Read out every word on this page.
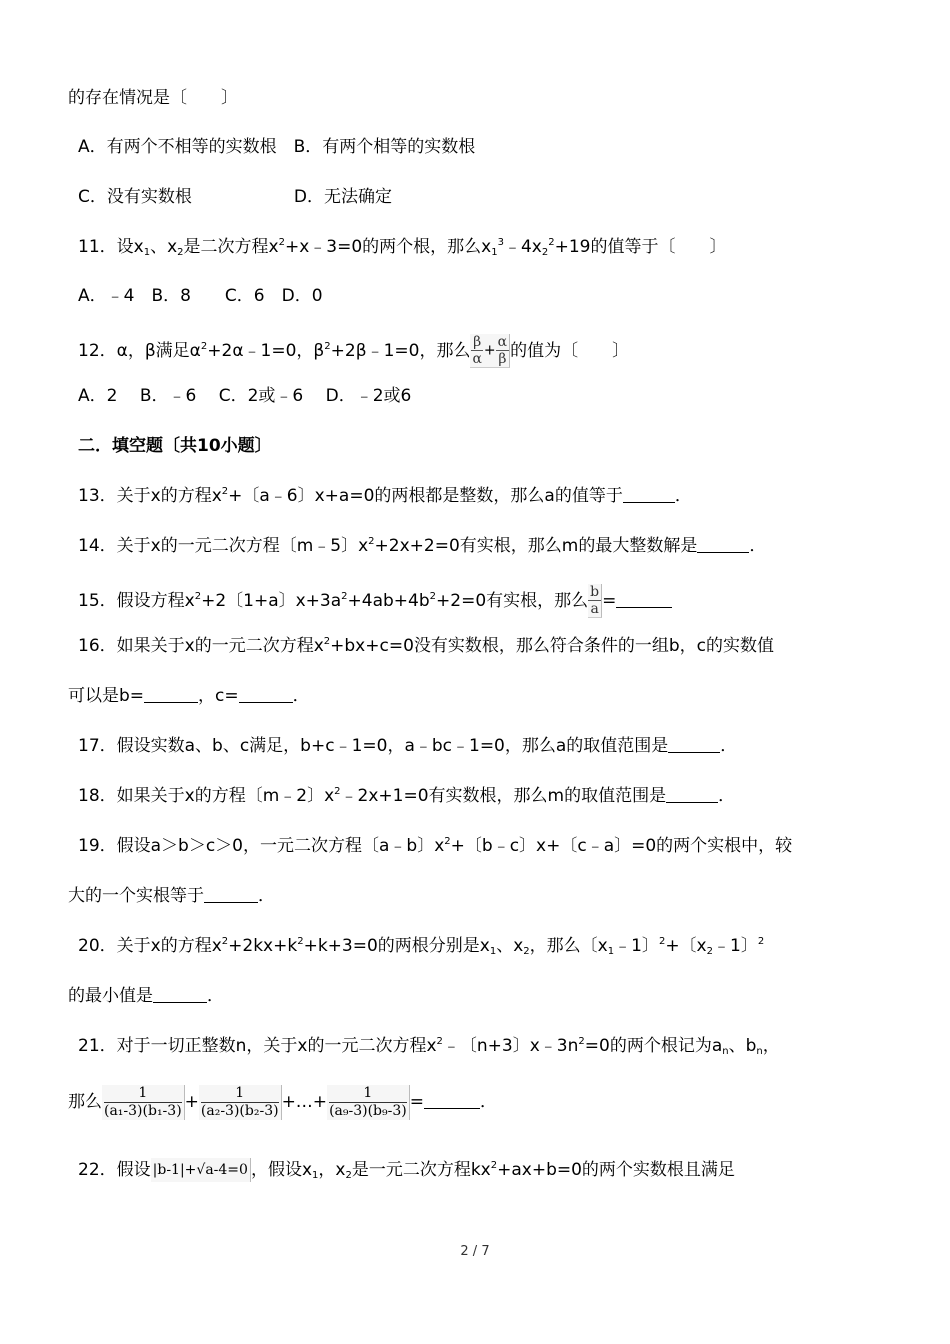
的存在情况是〔　　〕
A．有两个不相等的实数根　B．有两个相等的实数根
C．没有实数根　　　　　　D．无法确定
11．设$x_1$、$x_2$是二次方程$x^2+x﹣3=0$的两个根，那么$x_1^3﹣4x_2^2+19$的值等于〔　　〕
A．﹣4　B．8　　C．6　D．0
12．α，β满足$\alpha^2+2\alpha﹣1=0$，$\beta^2+2\beta﹣1=0$，那么 $\frac{\beta}{\alpha} + \frac{\alpha}{\beta}$ 的值为〔　　〕
A．2　 B．﹣6　 C．2或﹣6　 D．﹣2或6
二．填空题〔共10小题〕
13．关于x的方程$x^2+$〔a﹣6〕x+a=0的两根都是整数，那么a的值等于	．
14．关于x的一元二次方程〔m﹣5〕$x^2+2x+2=0$有实根，那么m的最大整数解是	．
15．假设方程$x^2+2$〔1+a〕$x+3a^2+4ab+4b^2+2=0$有实根，那么 $\frac{b}{a}$ =
16．如果关于x的一元二次方程$x^2+bx+c=0$没有实数根，那么符合条件的一组b，c的实数值
可以是b=	，c=	．
17．假设实数a、b、c满足，b+c﹣1=0，a﹣bc﹣1=0，那么a的取值范围是	．
18．如果关于x的方程〔m﹣2〕$x^2﹣2x+1=0$有实数根，那么m的取值范围是	．
19．假设a＞b＞c＞0，一元二次方程〔a﹣b〕$x^2+$〔b﹣c〕x+〔c﹣a〕=0的两个实根中，较
大的一个实根等于	．
20．关于x的方程$x^2+2kx+k^2+k+3=0$的两根分别是$x_1$、$x_2$，那么〔$x_1﹣1$〕$^2$+〔$x_2﹣1$〕$^2$
的最小值是	．
21．对于一切正整数n，关于x的一元二次方程$x^2﹣$〔n+3〕$x﹣3n^2=0$的两个根记为$a_n$、$b_n$，
那么 $\frac{1}{\text{(a₁-3)(b₁-3)}} + \frac{1}{\text{(a₂-3)(b₂-3)}}$ +…+ $\frac{1}{\text{(a₉-3)(b₉-3)}}$ =	．
22．假设 |b-1|+√a-4=0 ，假设$x_1$，$x_2$是一元二次方程$kx^2+ax+b=0$的两个实数根且满足
2 / 7
